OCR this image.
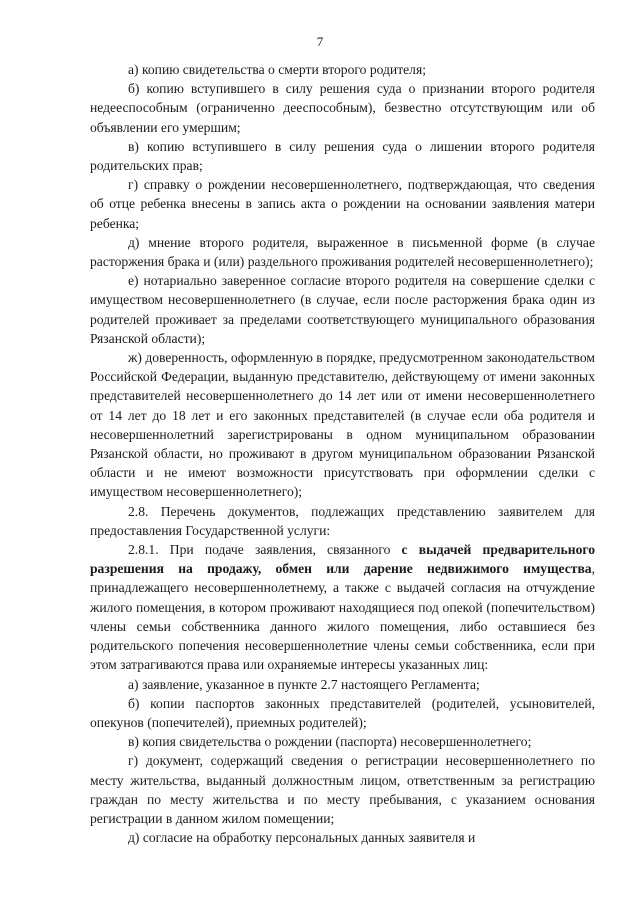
7

а) копию свидетельства о смерти второго родителя;

б) копию вступившего в силу решения суда о признании второго родителя недееспособным (ограниченно дееспособным), безвестно отсутствующим или об объявлении его умершим;

в) копию вступившего в силу решения суда о лишении второго родителя родительских прав;

г) справку о рождении несовершеннолетнего, подтверждающая, что сведения об отце ребенка внесены в запись акта о рождении на основании заявления матери ребенка;

д) мнение второго родителя, выраженное в письменной форме (в случае расторжения брака и (или) раздельного проживания родителей несовершеннолетнего);

е) нотариально заверенное согласие второго родителя на совершение сделки с имуществом несовершеннолетнего (в случае, если после расторжения брака один из родителей проживает за пределами соответствующего муниципального образования Рязанской области);

ж) доверенность, оформленную в порядке, предусмотренном законодательством Российской Федерации, выданную представителю, действующему от имени законных представителей несовершеннолетнего до 14 лет или от имени несовершеннолетнего от 14 лет до 18 лет и его законных представителей (в случае если оба родителя и несовершеннолетний зарегистрированы в одном муниципальном образовании Рязанской области, но проживают в другом муниципальном образовании Рязанской области и не имеют возможности присутствовать при оформлении сделки с имуществом несовершеннолетнего);

2.8. Перечень документов, подлежащих представлению заявителем для предоставления Государственной услуги:

2.8.1. При подаче заявления, связанного с выдачей предварительного разрешения на продажу, обмен или дарение недвижимого имущества, принадлежащего несовершеннолетнему, а также с выдачей согласия на отчуждение жилого помещения, в котором проживают находящиеся под опекой (попечительством) члены семьи собственника данного жилого помещения, либо оставшиеся без родительского попечения несовершеннолетние члены семьи собственника, если при этом затрагиваются права или охраняемые интересы указанных лиц:

а) заявление, указанное в пункте 2.7 настоящего Регламента;

б) копии паспортов законных представителей (родителей, усыновителей, опекунов (попечителей), приемных родителей);

в) копия свидетельства о рождении (паспорта) несовершеннолетнего;

г) документ, содержащий сведения о регистрации несовершеннолетнего по месту жительства, выданный должностным лицом, ответственным за регистрацию граждан по месту жительства и по месту пребывания, с указанием основания регистрации в данном жилом помещении;

д) согласие на обработку персональных данных заявителя и
